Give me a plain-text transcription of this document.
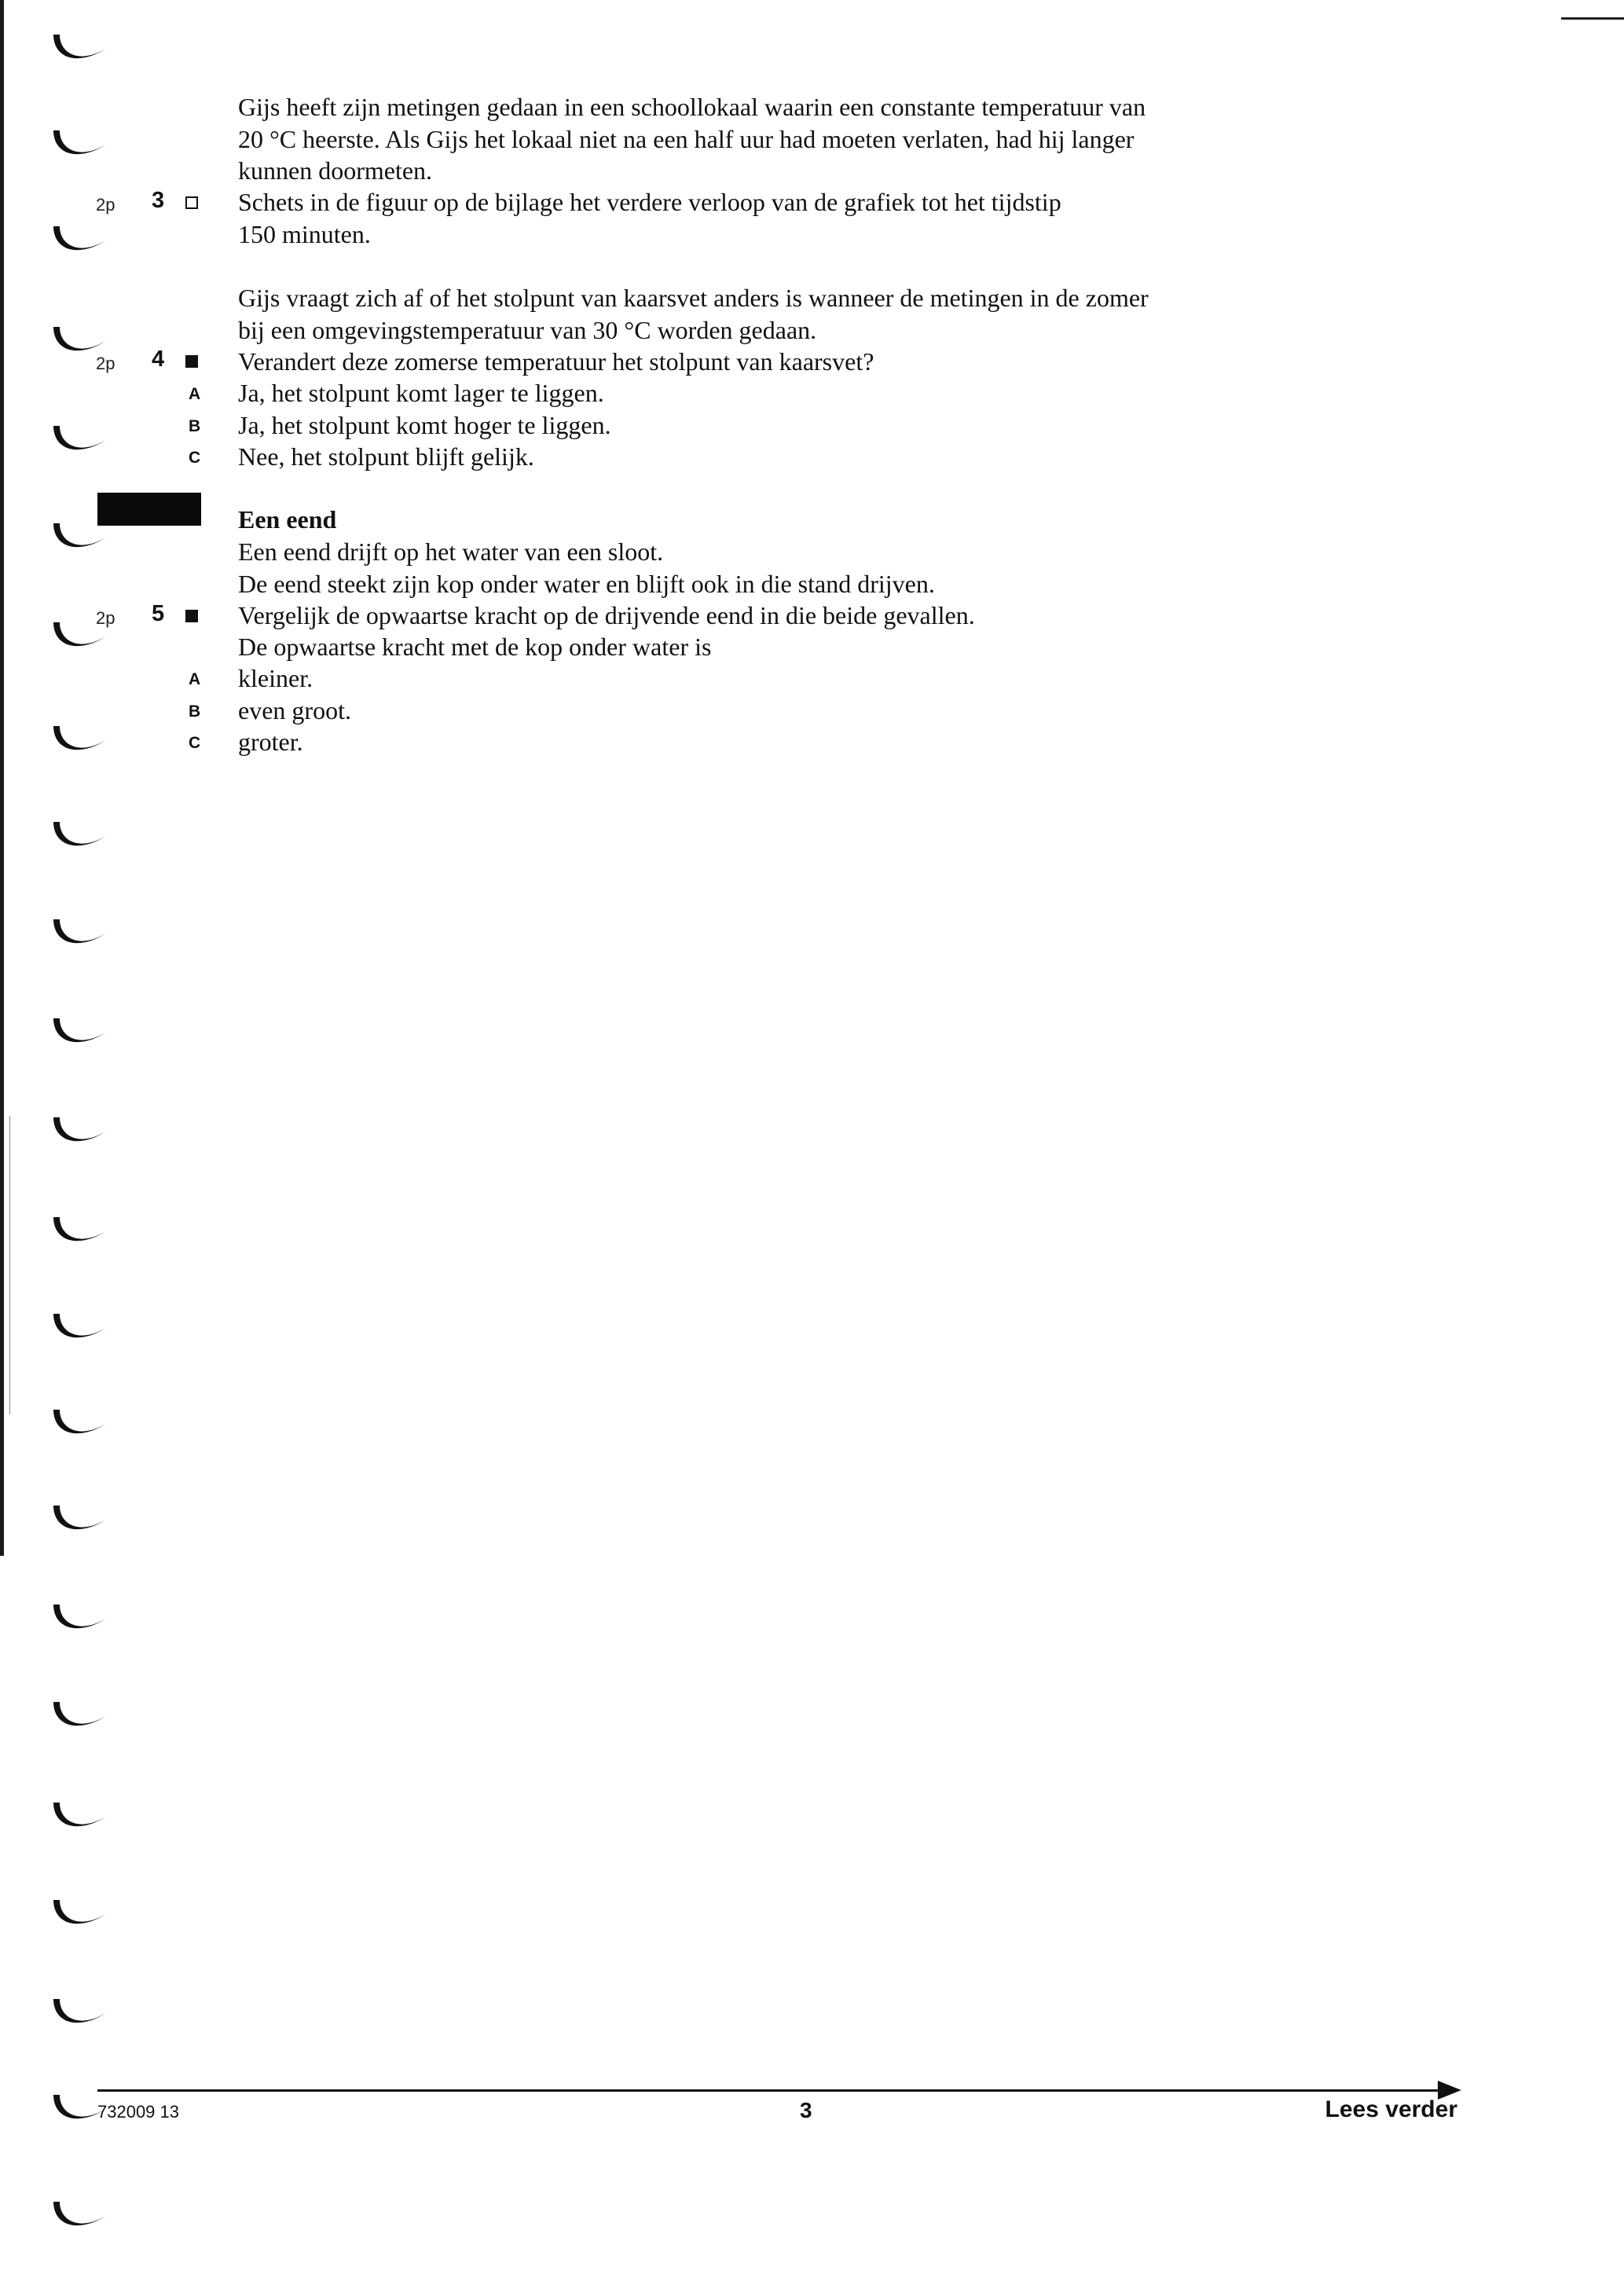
Gijs heeft zijn metingen gedaan in een schoollokaal waarin een constante temperatuur van
20 °C heerste. Als Gijs het lokaal niet na een half uur had moeten verlaten, had hij langer
kunnen doormeten.

2p 3	Schets in de figuur op de bijlage het verdere verloop van de grafiek tot het tijdstip
150 minuten.

Gijs vraagt zich af of het stolpunt van kaarsvet anders is wanneer de metingen in de zomer
bij een omgevingstemperatuur van 30 °C worden gedaan.

2p 4	Verandert deze zomerse temperatuur het stolpunt van kaarsvet?

A Ja, het stolpunt komt lager te liggen.

B Ja, het stolpunt komt hoger te liggen.

C Nee, het stolpunt blijft gelijk.

Een eend

Een eend drijft op het water van een sloot.
De eend steekt zijn kop onder water en blijft ook in die stand drijven.

2p 5	Vergelijk de opwaartse kracht op de drijvende eend in die beide gevallen.

De opwaartse kracht met de kop onder water is

A kleiner.

B even groot.

C groter.

732009 13	3	Lees verder
